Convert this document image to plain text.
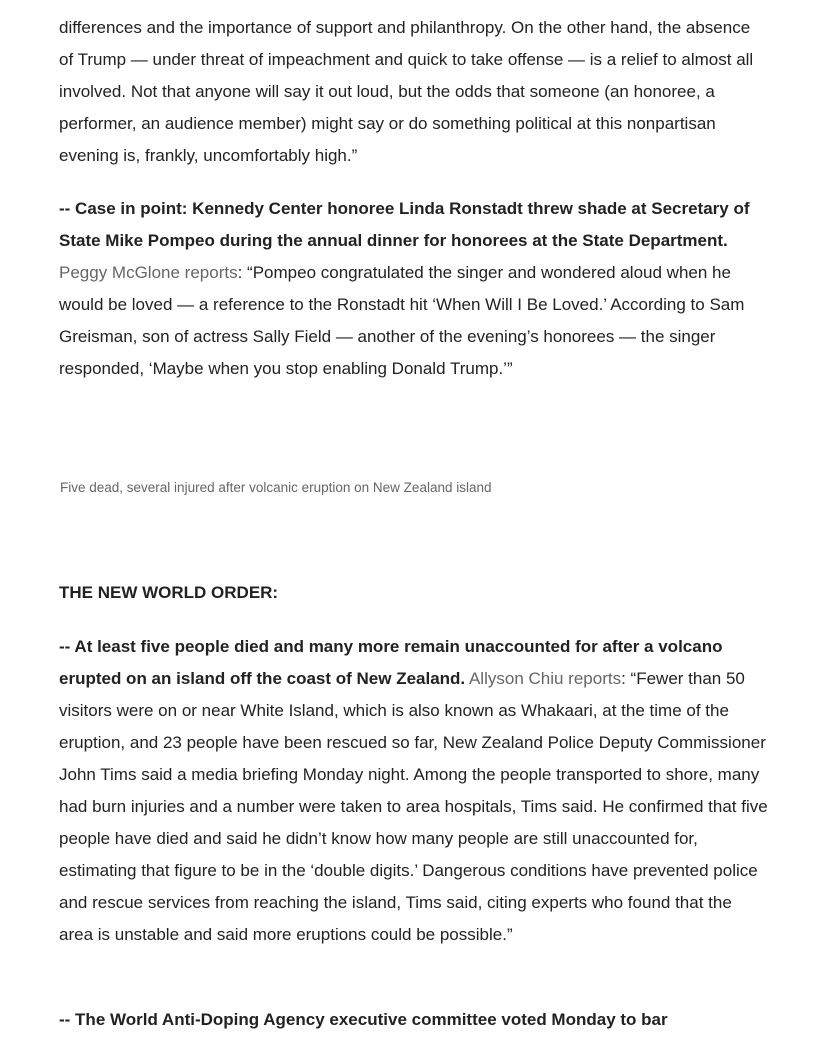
differences and the importance of support and philanthropy. On the other hand, the absence of Trump — under threat of impeachment and quick to take offense — is a relief to almost all involved. Not that anyone will say it out loud, but the odds that someone (an honoree, a performer, an audience member) might say or do something political at this nonpartisan evening is, frankly, uncomfortably high.”

-- Case in point: Kennedy Center honoree Linda Ronstadt threw shade at Secretary of State Mike Pompeo during the annual dinner for honorees at the State Department. Peggy McGlone reports: “Pompeo congratulated the singer and wondered aloud when he would be loved — a reference to the Ronstadt hit ‘When Will I Be Loved.’ According to Sam Greisman, son of actress Sally Field — another of the evening’s honorees — the singer responded, ‘Maybe when you stop enabling Donald Trump.’”

Five dead, several injured after volcanic eruption on New Zealand island

THE NEW WORLD ORDER:

-- At least five people died and many more remain unaccounted for after a volcano erupted on an island off the coast of New Zealand. Allyson Chiu reports: “Fewer than 50 visitors were on or near White Island, which is also known as Whakaari, at the time of the eruption, and 23 people have been rescued so far, New Zealand Police Deputy Commissioner John Tims said a media briefing Monday night. Among the people transported to shore, many had burn injuries and a number were taken to area hospitals, Tims said. He confirmed that five people have died and said he didn’t know how many people are still unaccounted for, estimating that figure to be in the ‘double digits.’ Dangerous conditions have prevented police and rescue services from reaching the island, Tims said, citing experts who found that the area is unstable and said more eruptions could be possible.”

-- The World Anti-Doping Agency executive committee voted Monday to bar
